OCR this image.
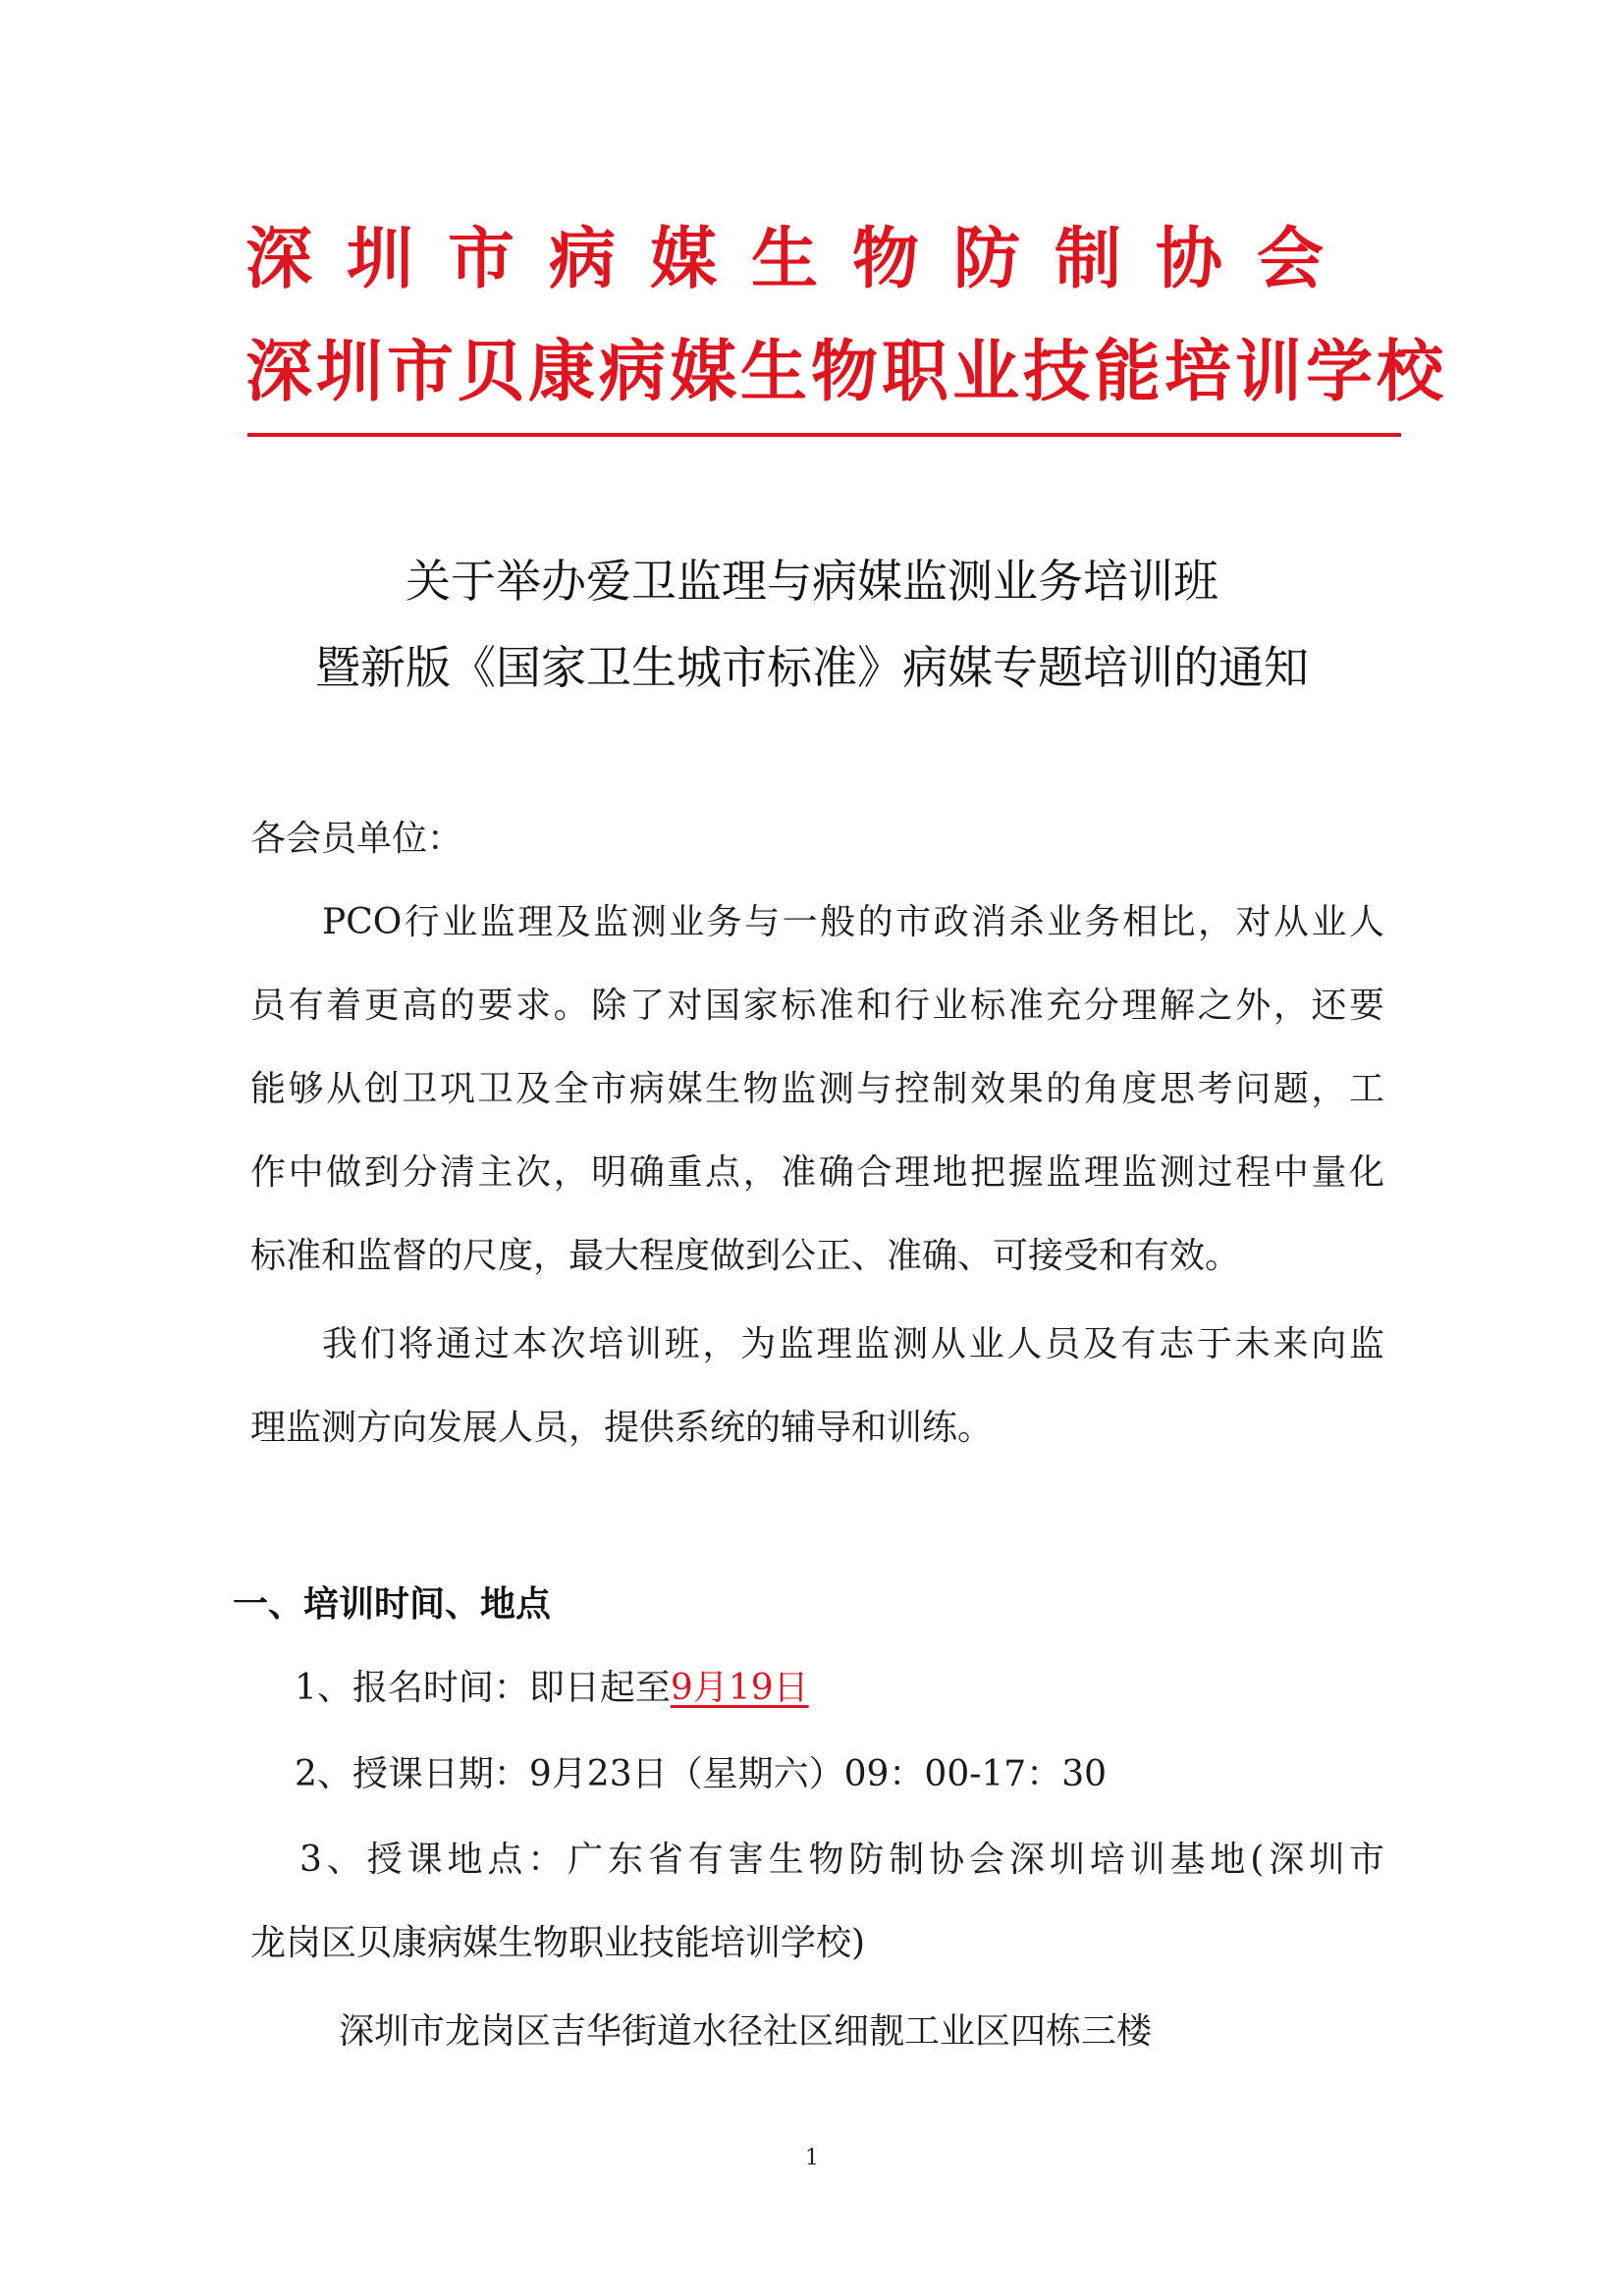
深圳市病媒生物防制协会
深圳市贝康病媒生物职业技能培训学校
关于举办爱卫监理与病媒监测业务培训班
暨新版《国家卫生城市标准》病媒专题培训的通知
各会员单位：
PCO行业监理及监测业务与一般的市政消杀业务相比，对从业人
员有着更高的要求。除了对国家标准和行业标准充分理解之外，还要
能够从创卫巩卫及全市病媒生物监测与控制效果的角度思考问题，工
作中做到分清主次，明确重点，准确合理地把握监理监测过程中量化
标准和监督的尺度，最大程度做到公正、准确、可接受和有效。
我们将通过本次培训班，为监理监测从业人员及有志于未来向监
理监测方向发展人员，提供系统的辅导和训练。
一、培训时间、地点
1、报名时间：即日起至9月19日
2、授课日期：9月23日（星期六）09：00-17：30
3、授课地点：广东省有害生物防制协会深圳培训基地(深圳市
龙岗区贝康病媒生物职业技能培训学校)
深圳市龙岗区吉华街道水径社区细靓工业区四栋三楼
1
